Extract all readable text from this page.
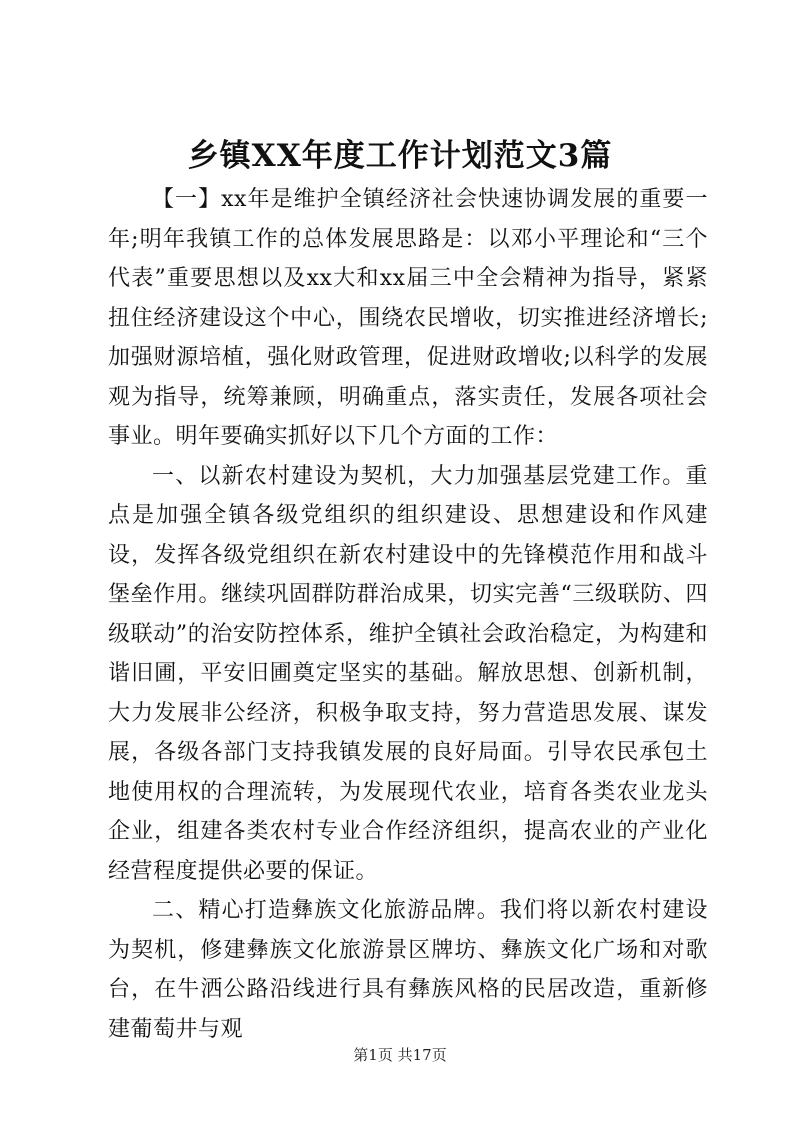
乡镇XX年度工作计划范文3篇

【一】xx年是维护全镇经济社会快速协调发展的重要一年;明年我镇工作的总体发展思路是：以邓小平理论和“三个代表”重要思想以及xx大和xx届三中全会精神为指导，紧紧扭住经济建设这个中心，围绕农民增收，切实推进经济增长;加强财源培植，强化财政管理，促进财政增收;以科学的发展观为指导，统筹兼顾，明确重点，落实责任，发展各项社会事业。明年要确实抓好以下几个方面的工作：

一、以新农村建设为契机，大力加强基层党建工作。重点是加强全镇各级党组织的组织建设、思想建设和作风建设，发挥各级党组织在新农村建设中的先锋模范作用和战斗堡垒作用。继续巩固群防群治成果，切实完善“三级联防、四级联动”的治安防控体系，维护全镇社会政治稳定，为构建和谐旧圃，平安旧圃奠定坚实的基础。解放思想、创新机制，大力发展非公经济，积极争取支持，努力营造思发展、谋发展，各级各部门支持我镇发展的良好局面。引导农民承包土地使用权的合理流转，为发展现代农业，培育各类农业龙头企业，组建各类农村专业合作经济组织，提高农业的产业化经营程度提供必要的保证。

二、精心打造彝族文化旅游品牌。我们将以新农村建设为契机，修建彝族文化旅游景区牌坊、彝族文化广场和对歌台，在牛洒公路沿线进行具有彝族风格的民居改造，重新修建葡萄井与观

第1页 共17页
